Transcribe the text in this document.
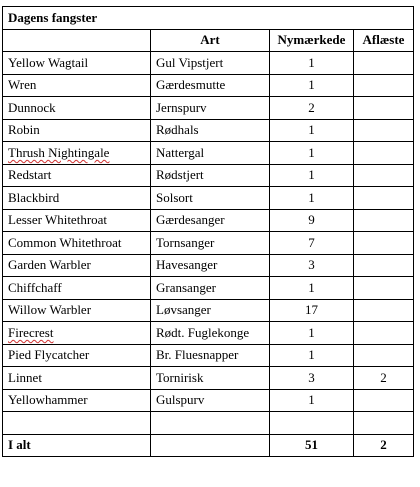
Dagens fangster			
	Art	Nymærkede	Aflæste
Yellow Wagtail	Gul Vipstjert	1	
Wren	Gærdesmutte	1	
Dunnock	Jernspurv	2	
Robin	Rødhals	1	
Thrush Nightingale	Nattergal	1	
Redstart	Rødstjert	1	
Blackbird	Solsort	1	
Lesser Whitethroat	Gærdesanger	9	
Common Whitethroat	Tornsanger	7	
Garden Warbler	Havesanger	3	
Chiffchaff	Gransanger	1	
Willow Warbler	Løvsanger	17	
Firecrest	Rødt. Fuglekonge	1	
Pied Flycatcher	Br. Fluesnapper	1	
Linnet	Tornirisk	3	2
Yellowhammer	Gulspurv	1	

I alt		51	2
